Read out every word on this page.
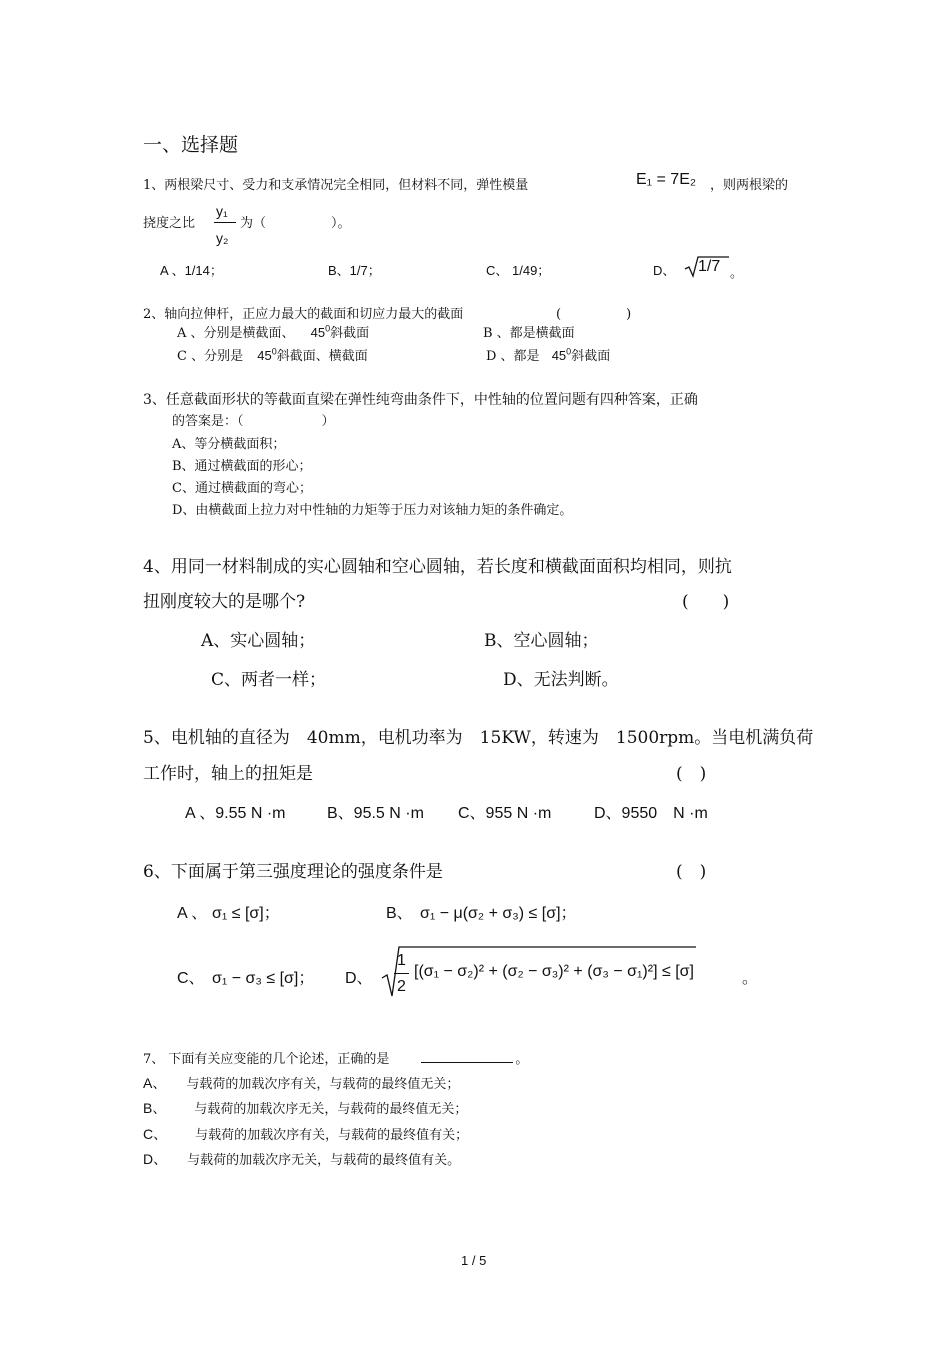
一、选择题
1、两根梁尺寸、受力和支承情况完全相同，但材料不同，弹性模量	E₁ = 7E₂ ，则两根梁的
挠度之比
y₁
y₂
为（　　　　　）。
A 、1/14；	B、1/7；	C、 1/49；	D、 1/7 。
2、轴向拉伸杆，正应力最大的截面和切应力最大的截面	(　　　　　)
A 、分别是横截面、 $45^0$斜截面	B 、都是横截面
C 、分别是 $45^0$斜截面、横截面	D 、都是 $45^0$斜截面
3、任意截面形状的等截面直梁在弹性纯弯曲条件下，中性轴的位置问题有四种答案，正确
的答案是：（　　　　　　）
A、等分横截面积；
B、通过横截面的形心；
C、通过横截面的弯心；
D、由横截面上拉力对中性轴的力矩等于压力对该轴力矩的条件确定。
4、用同一材料制成的实心圆轴和空心圆轴，若长度和横截面面积均相同，则抗
扭刚度较大的是哪个?	(　　)
A、实心圆轴；	B、空心圆轴；
C、两者一样；	D、无法判断。
5、电机轴的直径为　40mm，电机功率为　15KW，转速为　1500rpm。当电机满负荷
工作时，轴上的扭矩是	(　)
A 、9.55 N ·m	B、95.5 N ·m C、955 N ·m	D、9550　N ·m
6、下面属于第三强度理论的强度条件是	(　)
A 、 σ₁ ≤ [σ]；	B、 σ₁ − μ(σ₂ + σ₃) ≤ [σ]；
C、 σ₁ − σ₃ ≤ [σ]； D、
1
2
[(σ₁ − σ₂)² + (σ₂ − σ₃)² + (σ₃ − σ₁)²] ≤ [σ]	。
7、 下面有关应变能的几个论述，正确的是	。
A、 与载荷的加载次序有关，与载荷的最终值无关；
B、 与载荷的加载次序无关，与载荷的最终值无关；
C、 与载荷的加载次序有关，与载荷的最终值有关；
D、 与载荷的加载次序无关，与载荷的最终值有关。
1 / 5
